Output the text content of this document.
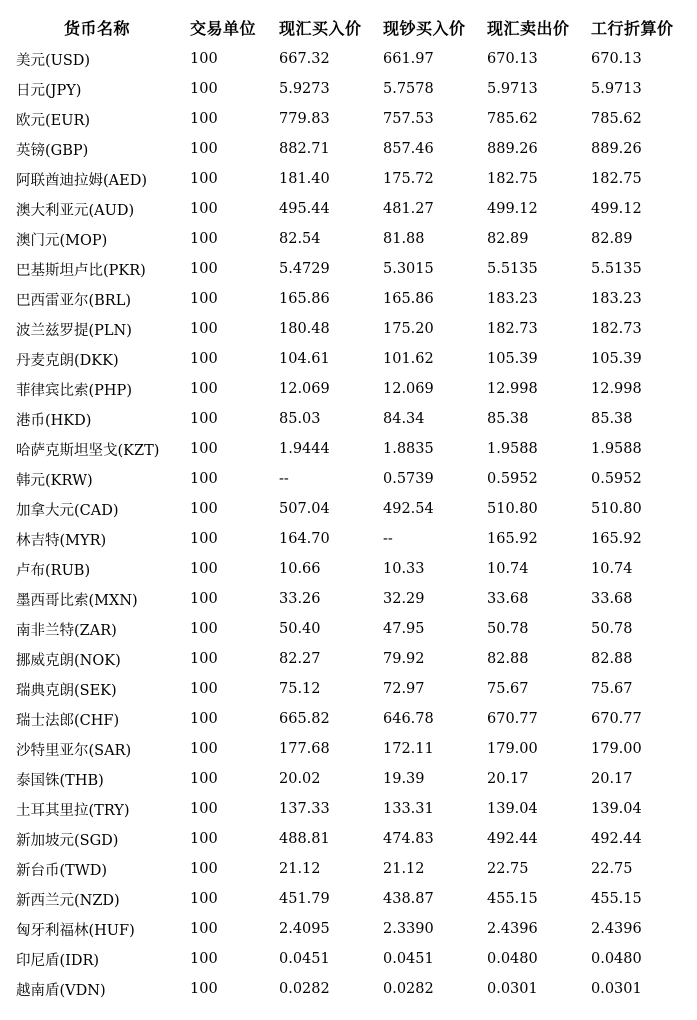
货币名称	交易单位	现汇买入价	现钞买入价	现汇卖出价	工行折算价
美元(USD)	100	667.32	661.97	670.13	670.13
日元(JPY)	100	5.9273	5.7578	5.9713	5.9713
欧元(EUR)	100	779.83	757.53	785.62	785.62
英镑(GBP)	100	882.71	857.46	889.26	889.26
阿联酋迪拉姆(AED)	100	181.40	175.72	182.75	182.75
澳大利亚元(AUD)	100	495.44	481.27	499.12	499.12
澳门元(MOP)	100	82.54	81.88	82.89	82.89
巴基斯坦卢比(PKR)	100	5.4729	5.3015	5.5135	5.5135
巴西雷亚尔(BRL)	100	165.86	165.86	183.23	183.23
波兰兹罗提(PLN)	100	180.48	175.20	182.73	182.73
丹麦克朗(DKK)	100	104.61	101.62	105.39	105.39
菲律宾比索(PHP)	100	12.069	12.069	12.998	12.998
港币(HKD)	100	85.03	84.34	85.38	85.38
哈萨克斯坦坚戈(KZT)	100	1.9444	1.8835	1.9588	1.9588
韩元(KRW)	100	--	0.5739	0.5952	0.5952
加拿大元(CAD)	100	507.04	492.54	510.80	510.80
林吉特(MYR)	100	164.70	--	165.92	165.92
卢布(RUB)	100	10.66	10.33	10.74	10.74
墨西哥比索(MXN)	100	33.26	32.29	33.68	33.68
南非兰特(ZAR)	100	50.40	47.95	50.78	50.78
挪威克朗(NOK)	100	82.27	79.92	82.88	82.88
瑞典克朗(SEK)	100	75.12	72.97	75.67	75.67
瑞士法郎(CHF)	100	665.82	646.78	670.77	670.77
沙特里亚尔(SAR)	100	177.68	172.11	179.00	179.00
泰国铢(THB)	100	20.02	19.39	20.17	20.17
土耳其里拉(TRY)	100	137.33	133.31	139.04	139.04
新加坡元(SGD)	100	488.81	474.83	492.44	492.44
新台币(TWD)	100	21.12	21.12	22.75	22.75
新西兰元(NZD)	100	451.79	438.87	455.15	455.15
匈牙利福林(HUF)	100	2.4095	2.3390	2.4396	2.4396
印尼盾(IDR)	100	0.0451	0.0451	0.0480	0.0480
越南盾(VDN)	100	0.0282	0.0282	0.0301	0.0301
